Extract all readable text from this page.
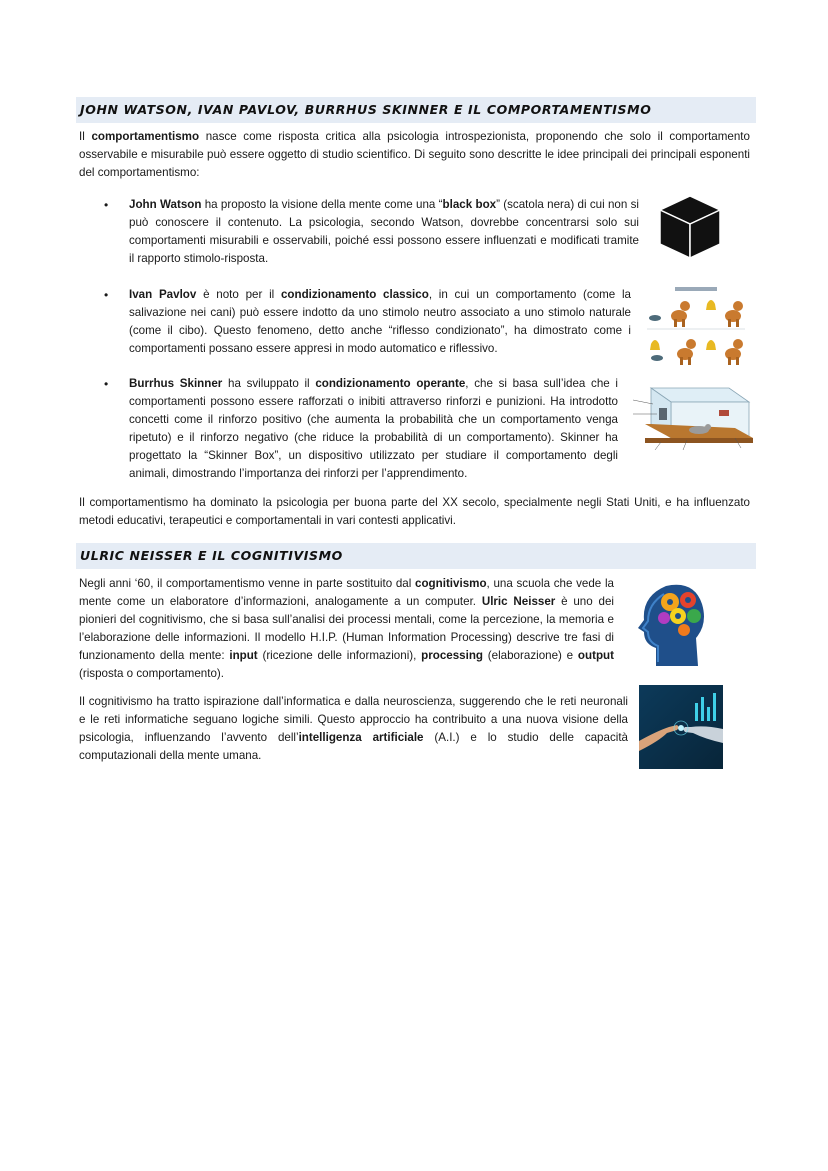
JOHN WATSON, IVAN PAVLOV, BURRHUS SKINNER E IL COMPORTAMENTISMO

Il comportamentismo nasce come risposta critica alla psicologia introspezionista, proponendo che solo il comportamento osservabile e misurabile può essere oggetto di studio scientifico. Di seguito sono descritte le idee principali dei principali esponenti del comportamentismo:

• John Watson ha proposto la visione della mente come una “black box” (scatola nera) di cui non si può conoscere il contenuto. La psicologia, secondo Watson, dovrebbe concentrarsi solo sui comportamenti misurabili e osservabili, poiché essi possono essere influenzati e modificati tramite il rapporto stimolo-risposta.

• Ivan Pavlov è noto per il condizionamento classico, in cui un comportamento (come la salivazione nei cani) può essere indotto da uno stimolo neutro associato a uno stimolo naturale (come il cibo). Questo fenomeno, detto anche “riflesso condizionato”, ha dimostrato come i comportamenti possano essere appresi in modo automatico e riflessivo.

• Burrhus Skinner ha sviluppato il condizionamento operante, che si basa sull’idea che i comportamenti possono essere rafforzati o inibiti attraverso rinforzi e punizioni. Ha introdotto concetti come il rinforzo positivo (che aumenta la probabilità che un comportamento venga ripetuto) e il rinforzo negativo (che riduce la probabilità di un comportamento). Skinner ha progettato la “Skinner Box”, un dispositivo utilizzato per studiare il comportamento degli animali, dimostrando l’importanza dei rinforzi per l’apprendimento.

Il comportamentismo ha dominato la psicologia per buona parte del XX secolo, specialmente negli Stati Uniti, e ha influenzato metodi educativi, terapeutici e comportamentali in vari contesti applicativi.

ULRIC NEISSER E IL COGNITIVISMO

Negli anni ‘60, il comportamentismo venne in parte sostituito dal cognitivismo, una scuola che vede la mente come un elaboratore d’informazioni, analogamente a un computer. Ulric Neisser è uno dei pionieri del cognitivismo, che si basa sull’analisi dei processi mentali, come la percezione, la memoria e l’elaborazione delle informazioni. Il modello H.I.P. (Human Information Processing) descrive tre fasi di funzionamento della mente: input (ricezione delle informazioni), processing (elaborazione) e output (risposta o comportamento).

Il cognitivismo ha tratto ispirazione dall’informatica e dalla neuroscienza, suggerendo che le reti neuronali e le reti informatiche seguano logiche simili. Questo approccio ha contribuito a una nuova visione della psicologia, influenzando l’avvento dell’intelligenza artificiale (A.I.) e lo studio delle capacità computazionali della mente umana.
